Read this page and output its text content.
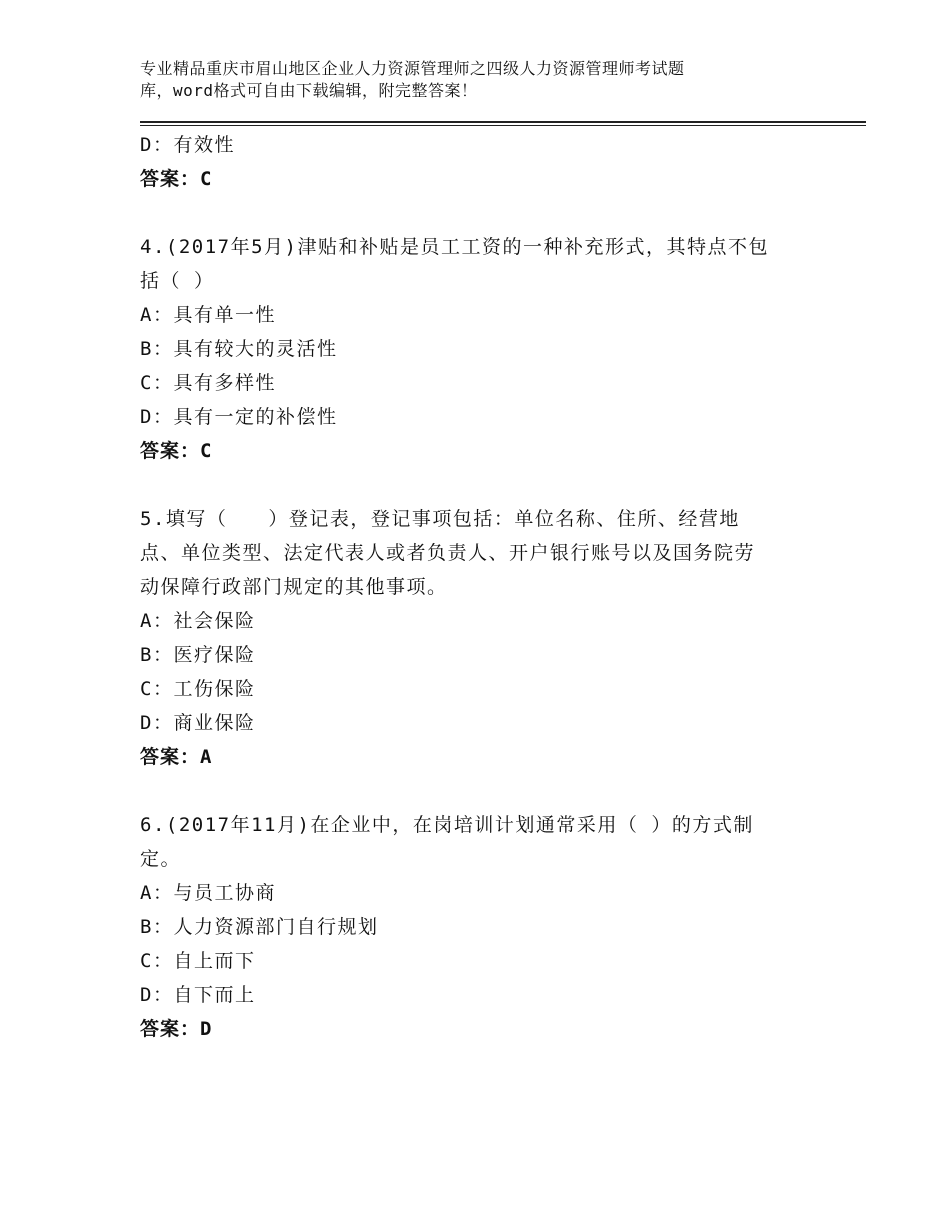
专业精品重庆市眉山地区企业人力资源管理师之四级人力资源管理师考试题
库，word格式可自由下载编辑，附完整答案！
D：有效性
答案：C
4.(2017年5月)津贴和补贴是员工工资的一种补充形式，其特点不包
括（ ）
A：具有单一性
B：具有较大的灵活性
C：具有多样性
D：具有一定的补偿性
答案：C
5.填写（　　）登记表，登记事项包括：单位名称、住所、经营地
点、单位类型、法定代表人或者负责人、开户银行账号以及国务院劳
动保障行政部门规定的其他事项。
A：社会保险
B：医疗保险
C：工伤保险
D：商业保险
答案：A
6.(2017年11月)在企业中，在岗培训计划通常采用（ ）的方式制
定。
A：与员工协商
B：人力资源部门自行规划
C：自上而下
D：自下而上
答案：D
